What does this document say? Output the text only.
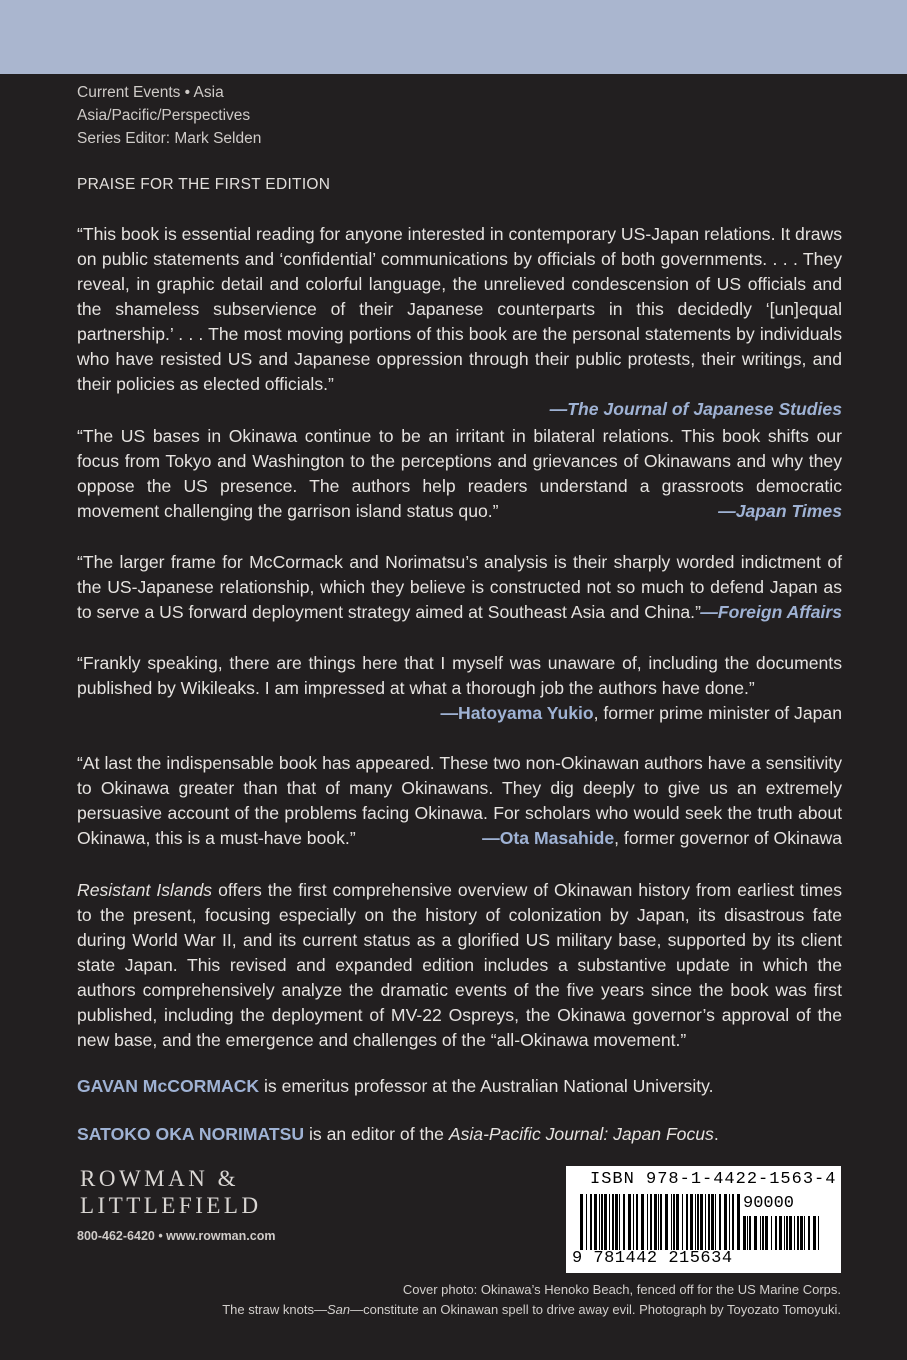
Current Events • Asia
Asia/Pacific/Perspectives
Series Editor: Mark Selden
PRAISE FOR THE FIRST EDITION
“This book is essential reading for anyone interested in contemporary US-Japan relations. It draws on public statements and ‘confidential’ communications by officials of both governments. . . . They reveal, in graphic detail and colorful language, the unrelieved condescension of US officials and the shameless subservience of their Japanese counterparts in this decidedly ‘[un]equal partnership.’ . . . The most moving portions of this book are the personal statements by individuals who have resisted US and Japanese oppression through their public protests, their writings, and their policies as elected officials.”
—The Journal of Japanese Studies
“The US bases in Okinawa continue to be an irritant in bilateral relations. This book shifts our focus from Tokyo and Washington to the perceptions and grievances of Okinawans and why they oppose the US presence. The authors help readers understand a grassroots democratic movement challenging the garrison island status quo.”	—Japan Times
“The larger frame for McCormack and Norimatsu’s analysis is their sharply worded indictment of the US-Japanese relationship, which they believe is constructed not so much to defend Japan as to serve a US forward deployment strategy aimed at Southeast Asia and China.” —Foreign Affairs
“Frankly speaking, there are things here that I myself was unaware of, including the documents published by Wikileaks. I am impressed at what a thorough job the authors have done.”
—Hatoyama Yukio, former prime minister of Japan
“At last the indispensable book has appeared. These two non-Okinawan authors have a sensitivity to Okinawa greater than that of many Okinawans. They dig deeply to give us an extremely persuasive account of the problems facing Okinawa. For scholars who would seek the truth about Okinawa, this is a must-have book.”	—Ota Masahide, former governor of Okinawa
Resistant Islands offers the first comprehensive overview of Okinawan history from earliest times to the present, focusing especially on the history of colonization by Japan, its disastrous fate during World War II, and its current status as a glorified US military base, supported by its client state Japan. This revised and expanded edition includes a substantive update in which the authors comprehensively analyze the dramatic events of the five years since the book was first published, including the deployment of MV-22 Ospreys, the Okinawa governor’s approval of the new base, and the emergence and challenges of the “all-Okinawa movement.”
GAVAN McCORMACK is emeritus professor at the Australian National University.
SATOKO OKA NORIMATSU is an editor of the Asia-Pacific Journal: Japan Focus.
ROWMAN &
LITTLEFIELD
800-462-6420 • www.rowman.com
ISBN 978-1-4422-1563-4
90000
9 781442 215634
Cover photo: Okinawa’s Henoko Beach, fenced off for the US Marine Corps.
The straw knots—San—constitute an Okinawan spell to drive away evil. Photograph by Toyozato Tomoyuki.
